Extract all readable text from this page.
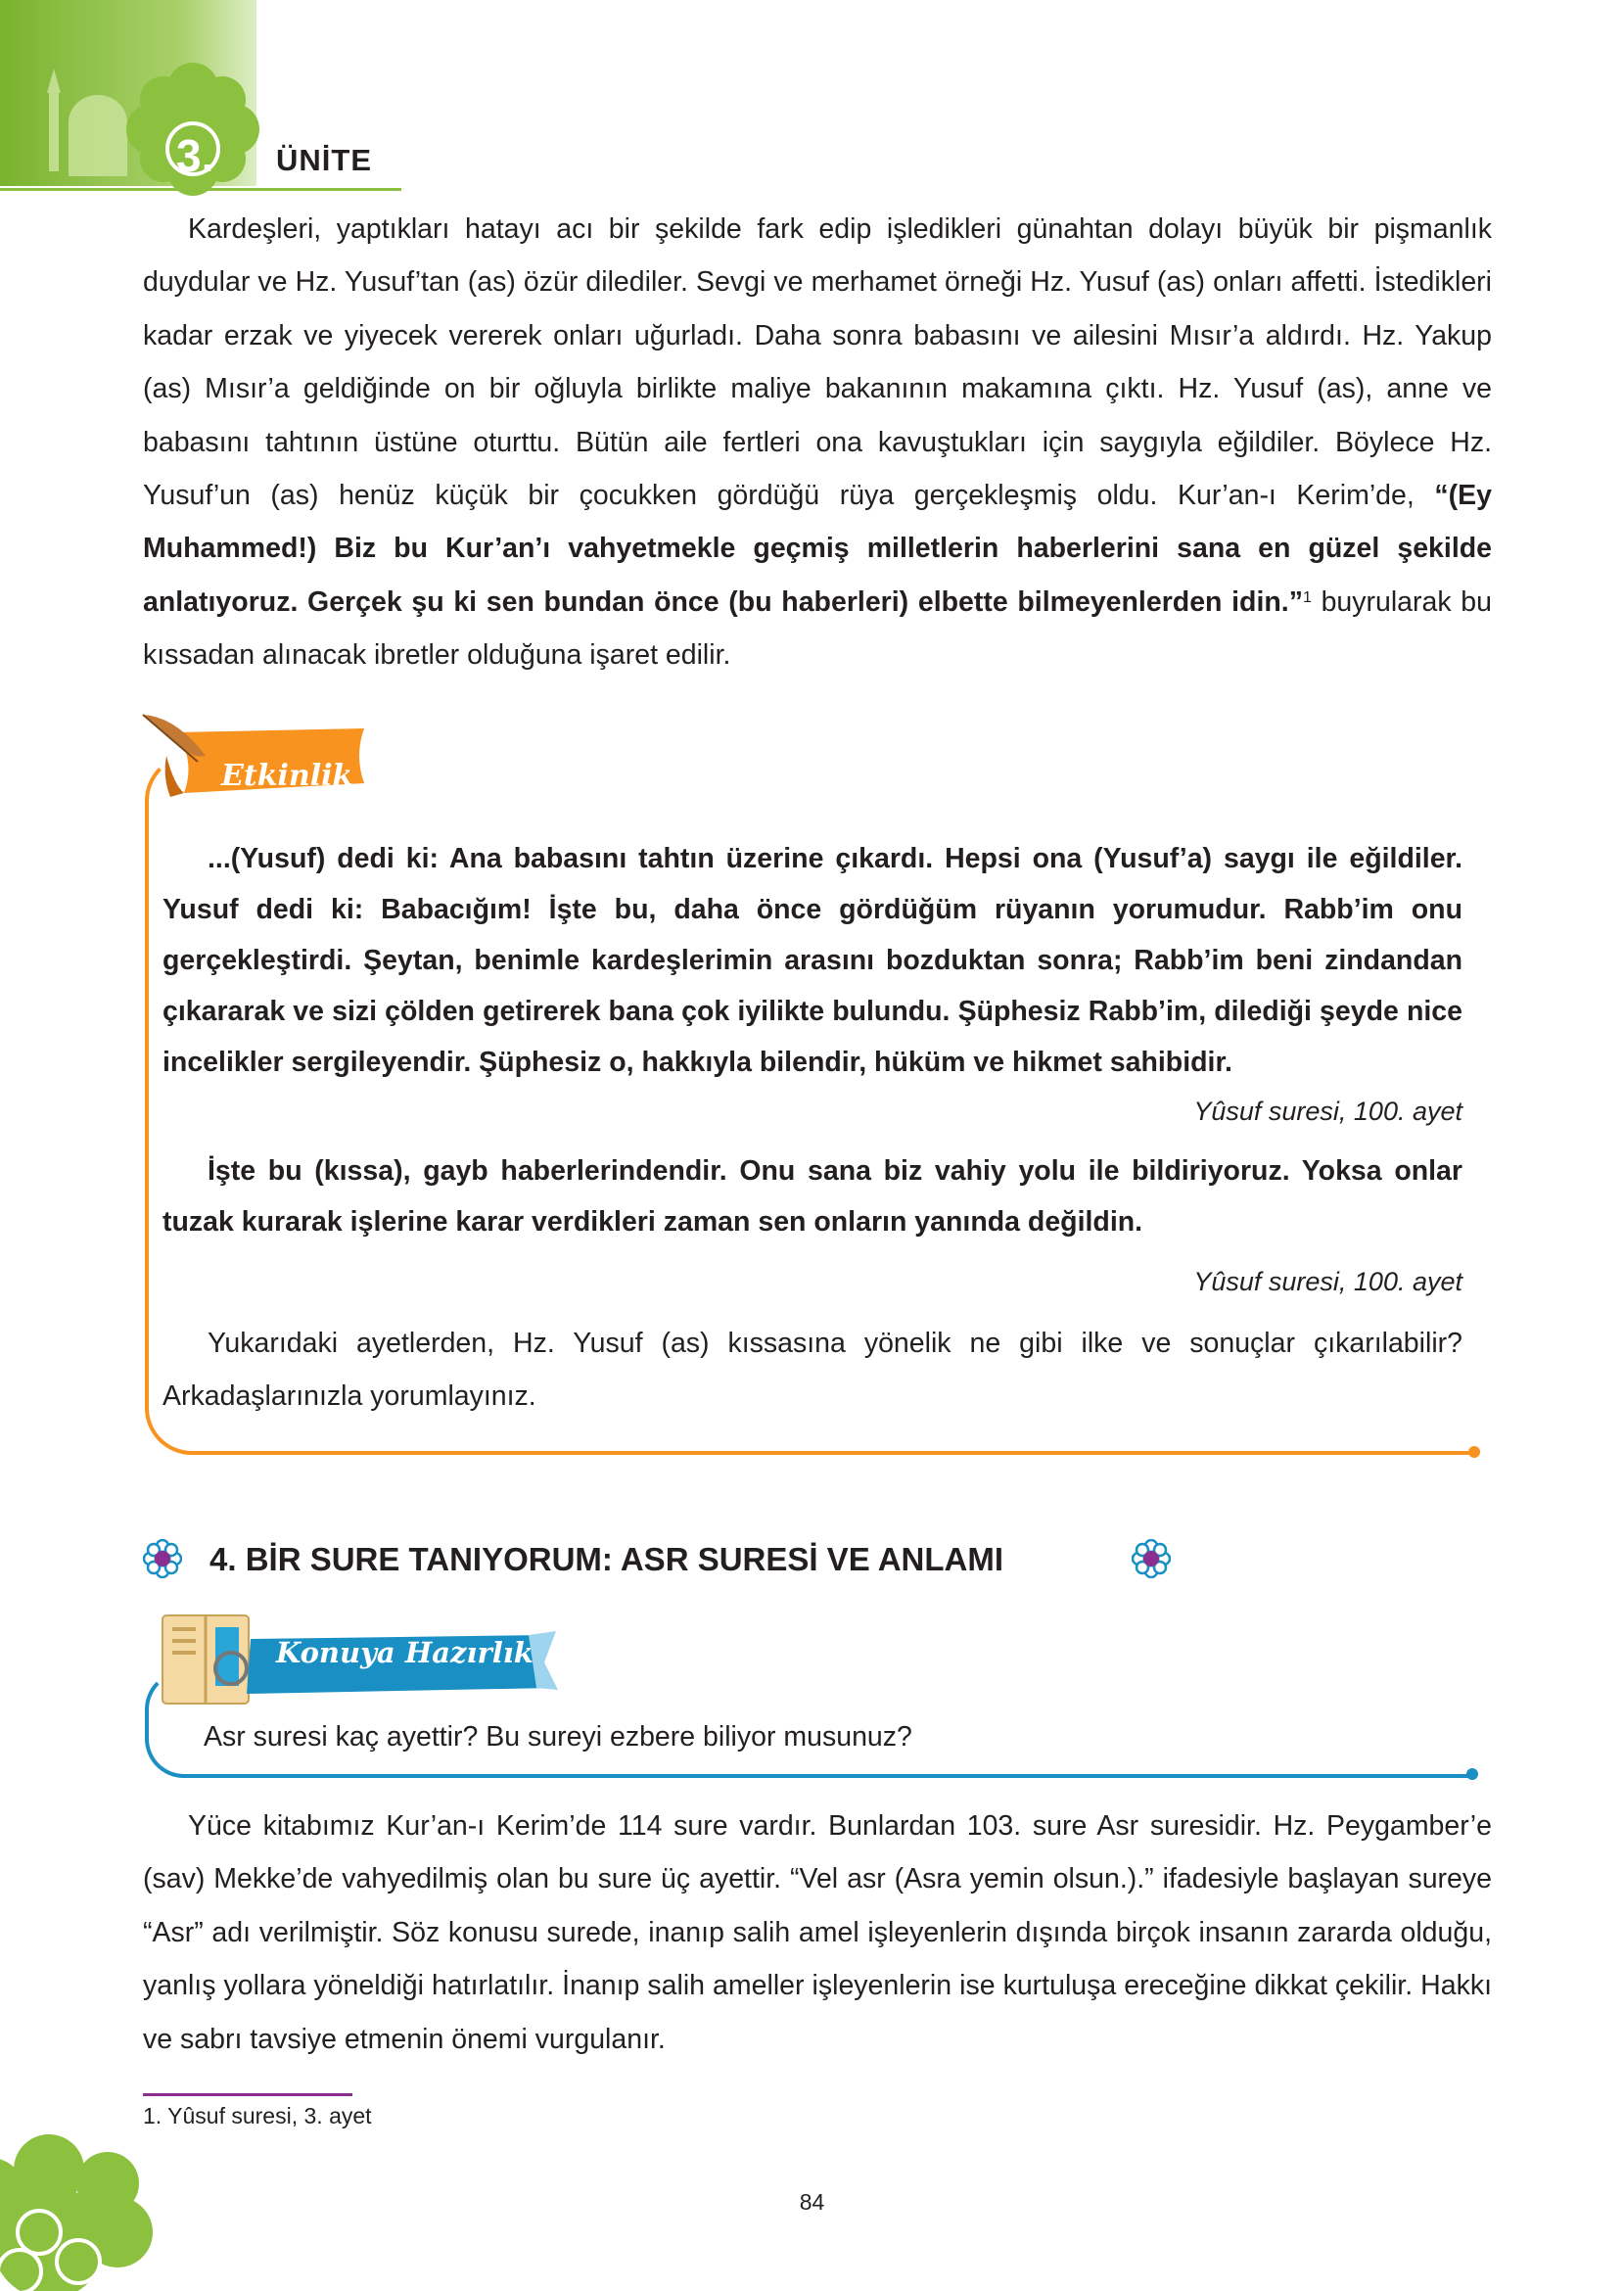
3. ÜNİTE

Kardeşleri, yaptıkları hatayı acı bir şekilde fark edip işledikleri günahtan dolayı büyük bir pişmanlık duydular ve Hz. Yusuf’tan (as) özür dilediler. Sevgi ve merhamet örneği Hz. Yusuf (as) onları affetti. İstedikleri kadar erzak ve yiyecek vererek onları uğurladı. Daha sonra babasını ve ailesini Mısır’a aldırdı. Hz. Yakup (as) Mısır’a geldiğinde on bir oğluyla birlikte maliye bakanının makamına çıktı. Hz. Yusuf (as), anne ve babasını tahtının üstüne oturttu. Bütün aile fertleri ona kavuştukları için saygıyla eğildiler. Böylece Hz. Yusuf’un (as) henüz küçük bir çocukken gördüğü rüya gerçekleşmiş oldu. Kur’an-ı Kerim’de, “(Ey Muhammed!) Biz bu Kur’an’ı vahyetmekle geçmiş milletlerin haberlerini sana en güzel şekilde anlatıyoruz. Gerçek şu ki sen bundan önce (bu haberleri) elbette bilmeyenlerden idin.”$^1$ buyrularak bu kıssadan alınacak ibretler olduğuna işaret edilir.

Etkinlik

...(Yusuf) dedi ki: Ana babasını tahtın üzerine çıkardı. Hepsi ona (Yusuf’a) saygı ile eğildiler. Yusuf dedi ki: Babacığım! İşte bu, daha önce gördüğüm rüyanın yorumudur. Rabb’im onu gerçekleştirdi. Şeytan, benimle kardeşlerimin arasını bozduktan sonra; Rabb’im beni zindandan çıkararak ve sizi çölden getirerek bana çok iyilikte bulundu. Şüphesiz Rabb’im, dilediği şeyde nice incelikler sergileyendir. Şüphesiz o, hakkıyla bilendir, hüküm ve hikmet sahibidir.

Yûsuf suresi, 100. ayet

İşte bu (kıssa), gayb haberlerindendir. Onu sana biz vahiy yolu ile bildiriyoruz. Yoksa onlar tuzak kurarak işlerine karar verdikleri zaman sen onların yanında değildin.

Yûsuf suresi, 100. ayet

Yukarıdaki ayetlerden, Hz. Yusuf (as) kıssasına yönelik ne gibi ilke ve sonuçlar çıkarılabilir? Arkadaşlarınızla yorumlayınız.

4. BİR SURE TANIYORUM: ASR SURESİ VE ANLAMI
Konuya Hazırlık

Asr suresi kaç ayettir? Bu sureyi ezbere biliyor musunuz?

Yüce kitabımız Kur’an-ı Kerim’de 114 sure vardır. Bunlardan 103. sure Asr suresidir. Hz. Peygamber’e (sav) Mekke’de vahyedilmiş olan bu sure üç ayettir. “Vel asr (Asra yemin olsun.).” ifadesiyle başlayan sureye “Asr” adı verilmiştir. Söz konusu surede, inanıp salih amel işleyenlerin dışında birçok insanın zararda olduğu, yanlış yollara yöneldiği hatırlatılır. İnanıp salih ameller işleyenlerin ise kurtuluşa ereceğine dikkat çekilir. Hakkı ve sabrı tavsiye etmenin önemi vurgulanır.

1. Yûsuf suresi, 3. ayet
84
